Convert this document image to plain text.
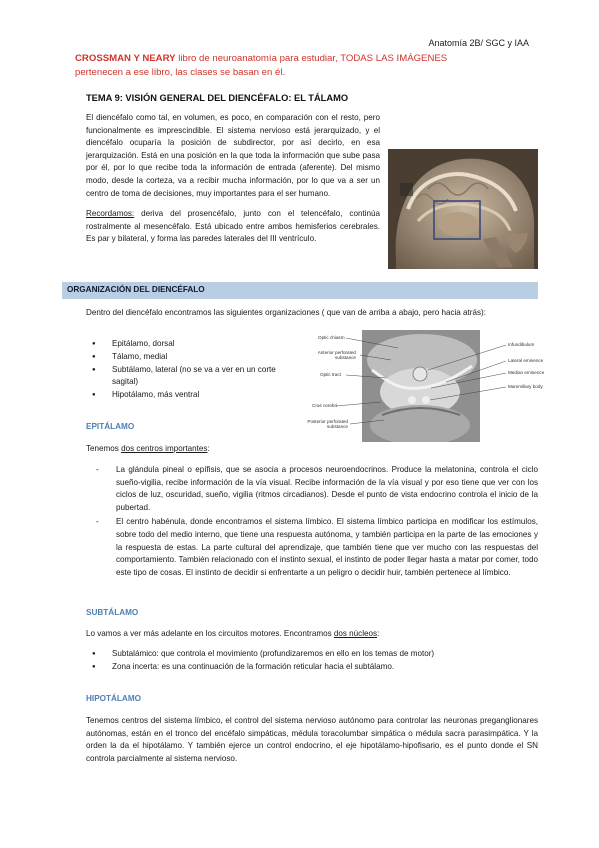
Anatomía 2B/ SGC y IAA
CROSSMAN Y NEARY libro de neuroanatomía para estudiar, TODAS LAS IMÁGENES pertenecen a ese libro, las clases se basan en él.
TEMA 9: VISIÓN GENERAL DEL DIENCÉFALO: EL TÁLAMO

El diencéfalo como tal, en volumen, es poco, en comparación con el resto, pero funcionalmente es imprescindible. El sistema nervioso está jerarquizado, y el diencéfalo ocuparía la posición de subdirector, por así decirlo, en esa jerarquización. Está en una posición en la que toda la información que sube pasa por él, por lo que recibe toda la información de entrada (aferente). Del mismo modo, desde la corteza, va a recibir mucha información, por lo que va a ser un centro de toma de decisiones, muy importantes para el ser humano.

Recordamos: deriva del prosencéfalo, junto con el telencéfalo, continúa rostralmente al mesencéfalo. Está ubicado entre ambos hemisferios cerebrales. Es par y bilateral, y forma las paredes laterales del III ventrículo.

ORGANIZACIÓN DEL DIENCÉFALO

Dentro del diencéfalo encontramos las siguientes organizaciones ( que van de arriba a abajo, pero hacia atrás):

● Epitálamo, dorsal
● Tálamo, medial
● Subtálamo, lateral (no se va a ver en un corte sagital)
● Hipotálamo, más ventral
Optic chiasm
Anterior perforated substance
Optic tract
Crus cerebri
Posterior perforated substance
Infundibulum
Lateral eminence
Median eminence
Mammillary body
EPITÁLAMO

Tenemos dos centros importantes:

- La glándula pineal o epífisis, que se asocia a procesos neuroendocrinos. Produce la melatonina, controla el ciclo sueño-vigilia, recibe información de la vía visual. Recibe información de la vía visual y por eso tiene que ver con los ciclos de luz, oscuridad, sueño, vigilia (ritmos circadianos). Desde el punto de vista endocrino controla el inicio de la pubertad.
- El centro habénula, donde encontramos el sistema límbico. El sistema límbico participa en modificar los estímulos, sobre todo del medio interno, que tiene una respuesta autónoma, y también participa en la parte de las emociones y la respuesta de estas. La parte cultural del aprendizaje, que también tiene que ver mucho con las respuestas del comportamiento. También relacionado con el instinto sexual, el instinto de poder llegar hasta a matar por comer, todo este tipo de cosas. El instinto de decidir si enfrentarte a un peligro o decidir huir, también pertenece al límbico.
SUBTÁLAMO

Lo vamos a ver más adelante en los circuitos motores. Encontramos dos núcleos:

● Subtalámico: que controla el movimiento (profundizaremos en ello en los temas de motor)
● Zona incerta: es una continuación de la formación reticular hacia el subtálamo.
HIPOTÁLAMO

Tenemos centros del sistema límbico, el control del sistema nervioso autónomo para controlar las neuronas preganglionares autónomas, están en el tronco del encéfalo simpáticas, médula toracolumbar simpática o médula sacra parasimpática. Y la orden la da el hipotálamo. Y también ejerce un control endocrino, el eje hipotálamo-hipofisario, es el punto donde el SN controla parcialmente al sistema nervioso.
